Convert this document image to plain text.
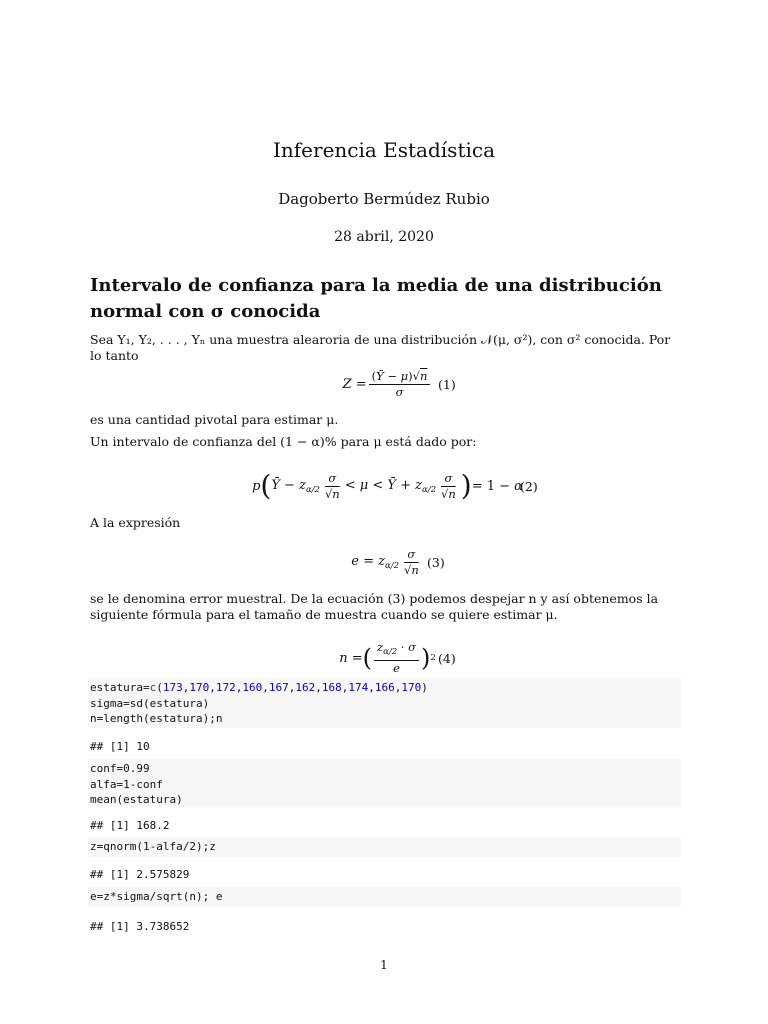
Inferencia Estadística
Dagoberto Bermúdez Rubio
28 abril, 2020
Intervalo de confianza para la media de una distribución normal con σ conocida

Sea Y₁, Y₂, . . . , Yₙ una muestra alearoria de una distribución 𝒩(μ, σ²), con σ² conocida. Por lo tanto

$Z = \frac{(Ȳ - \mu)√n}{\sigma} (1)$

es una cantidad pivotal para estimar μ.

Un intervalo de confianza del (1 − α)% para μ está dado por:

p ( Ȳ − $z_{\alpha/2} \frac{\sigma}{√n} < \mu$ < Ȳ + $z_{\alpha/2} \frac{\sigma}{√n}$ ) = 1 − α
(2)

A la expresión

$e = z_{\alpha/2} \frac{\sigma}{√n} (3)$

se le denomina error muestral. De la ecuación (3) podemos despejar n y así obtenemos la siguiente fórmula para el tamaño de muestra cuando se quiere estimar μ.

n = ( $\frac{z_{\alpha/2} \cdot \sigma}{e}$ ) 2 (4)
estatura=c(173,170,172,160,167,162,168,174,166,170)
sigma=sd(estatura)
n=length(estatura);n
## [1] 10
conf=0.99
alfa=1-conf
mean(estatura)
## [1] 168.2
z=qnorm(1-alfa/2);z
## [1] 2.575829
e=z*sigma/sqrt(n); e
## [1] 3.738652
1
